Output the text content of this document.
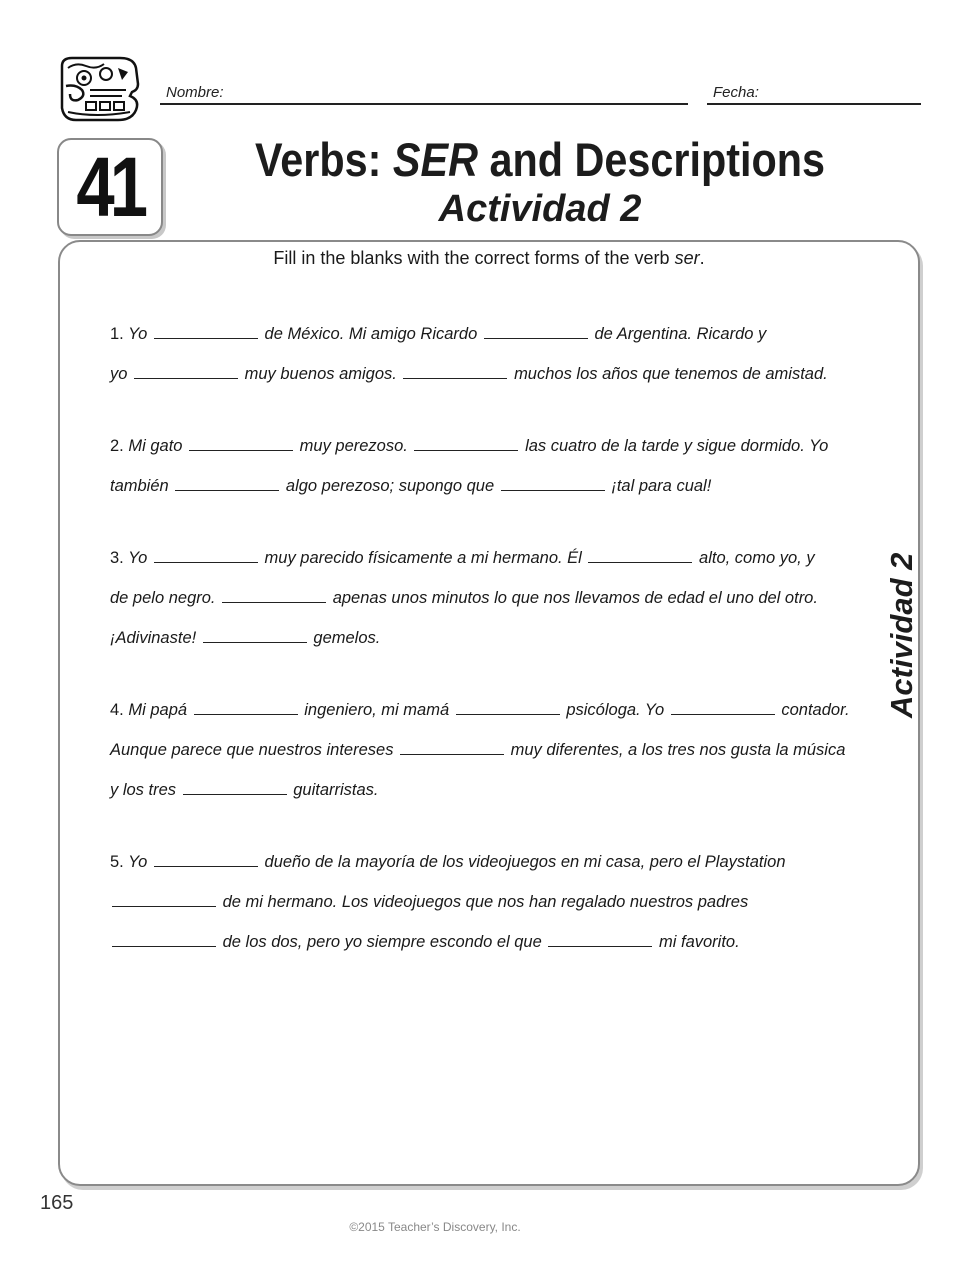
Nombre:	Fecha:
41	Verbs: SER and Descriptions
Actividad 2
Fill in the blanks with the correct forms of the verb ser.
1. Yo	de México. Mi amigo Ricardo	de Argentina. Ricardo y
yo	muy buenos amigos.	muchos los años que tenemos de amistad.
2. Mi gato	muy perezoso.	las cuatro de la tarde y sigue dormido. Yo
también	algo perezoso; supongo que	¡tal para cual!
3. Yo	muy parecido físicamente a mi hermano. Él	alto, como yo, y
de pelo negro.	apenas unos minutos lo que nos llevamos de edad el uno del otro.
¡Adivinaste!	gemelos.
4. Mi papá	ingeniero, mi mamá	psicóloga. Yo	contador.
Aunque parece que nuestros intereses	muy diferentes, a los tres nos gusta la música
y los tres	guitarristas.
5. Yo	dueño de la mayoría de los videojuegos en mi casa, pero el Playstation
de mi hermano. Los videojuegos que nos han regalado nuestros padres
de los dos, pero yo siempre escondo el que	mi favorito.
Actividad 2
165
©2015 Teacher’s Discovery, Inc.
